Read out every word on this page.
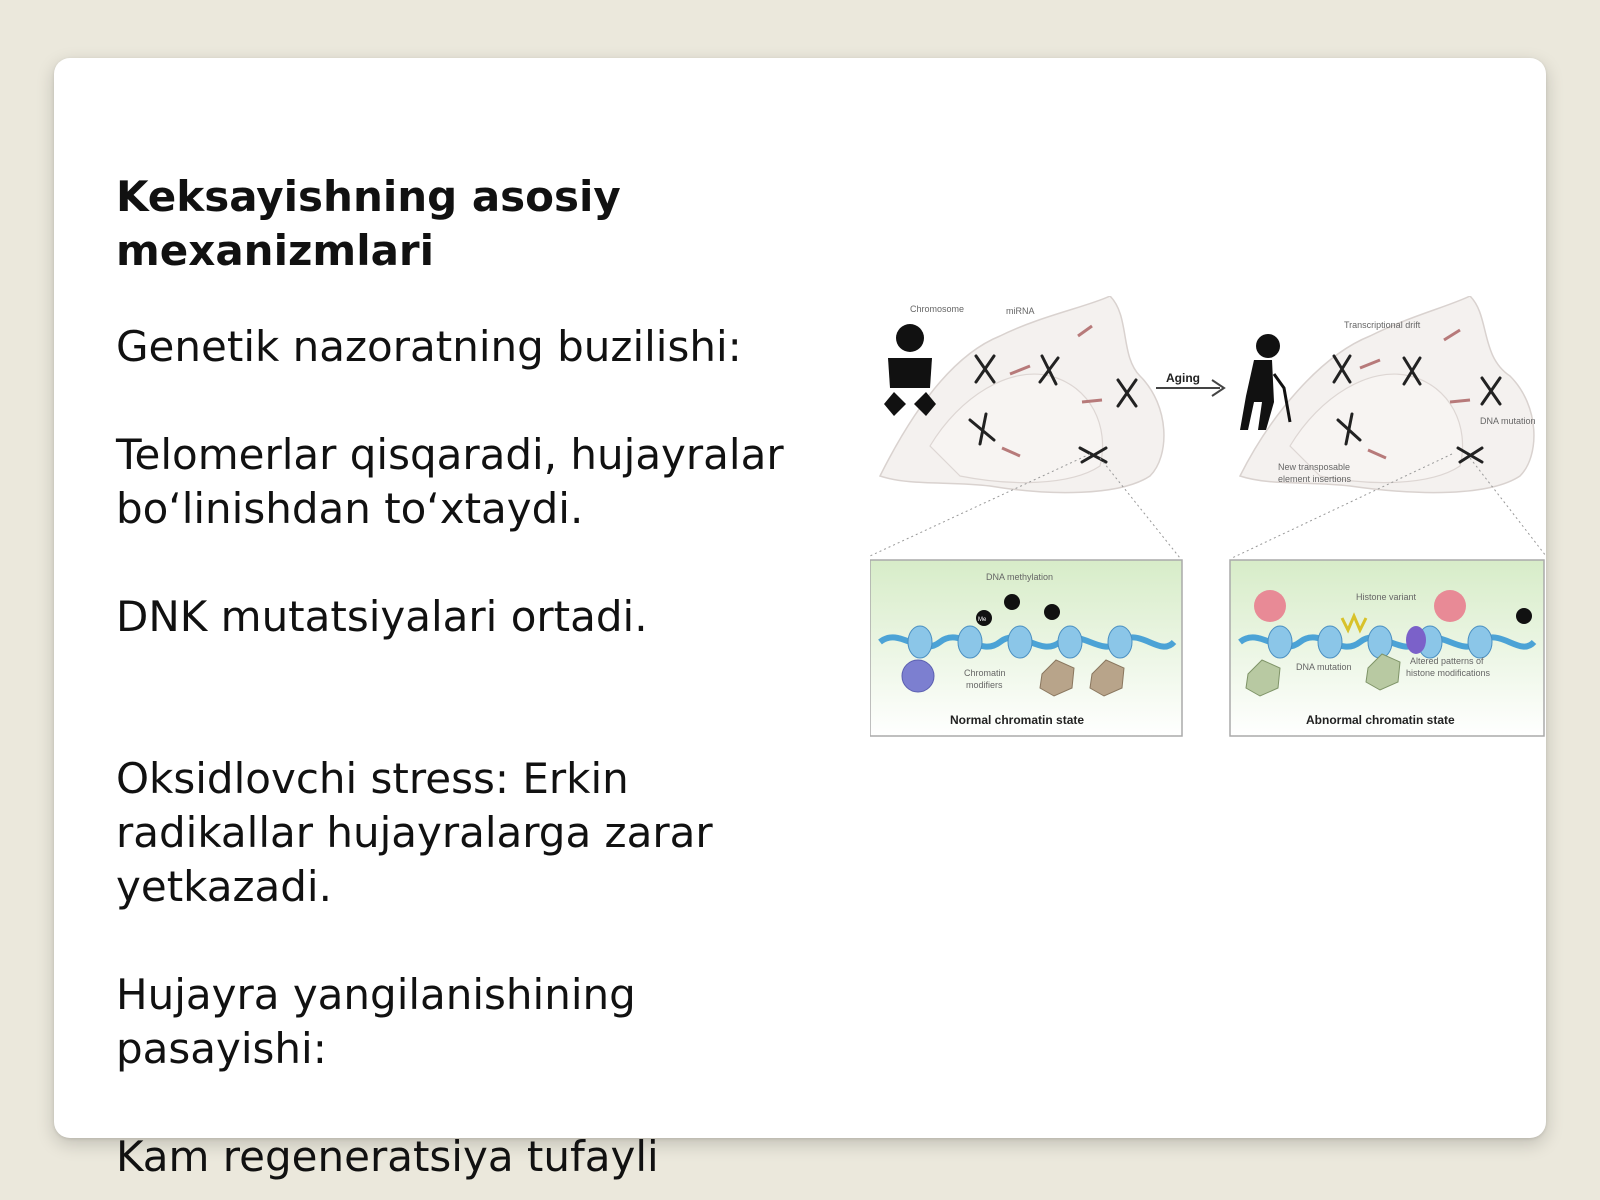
Keksayishning asosiy
mexanizmlari
Genetik nazoratning buzilishi:
Telomerlar qisqaradi, hujayralar
bo‘linishdan to‘xtaydi.
DNK mutatsiyalari ortadi.
Oksidlovchi stress: Erkin
radikallar hujayralarga zarar
yetkazadi.
Hujayra yangilanishining
pasayishi:
Kam regeneratsiya tufayli
Chromosome	miRNA
Aging
Transcriptional drift
DNA mutation
New transposable
element insertions
Me
DNA methylation
Chromatin
modifiers
Normal chromatin state
Histone variant
DNA mutation
Altered patterns of
histone modifications
Abnormal chromatin state
